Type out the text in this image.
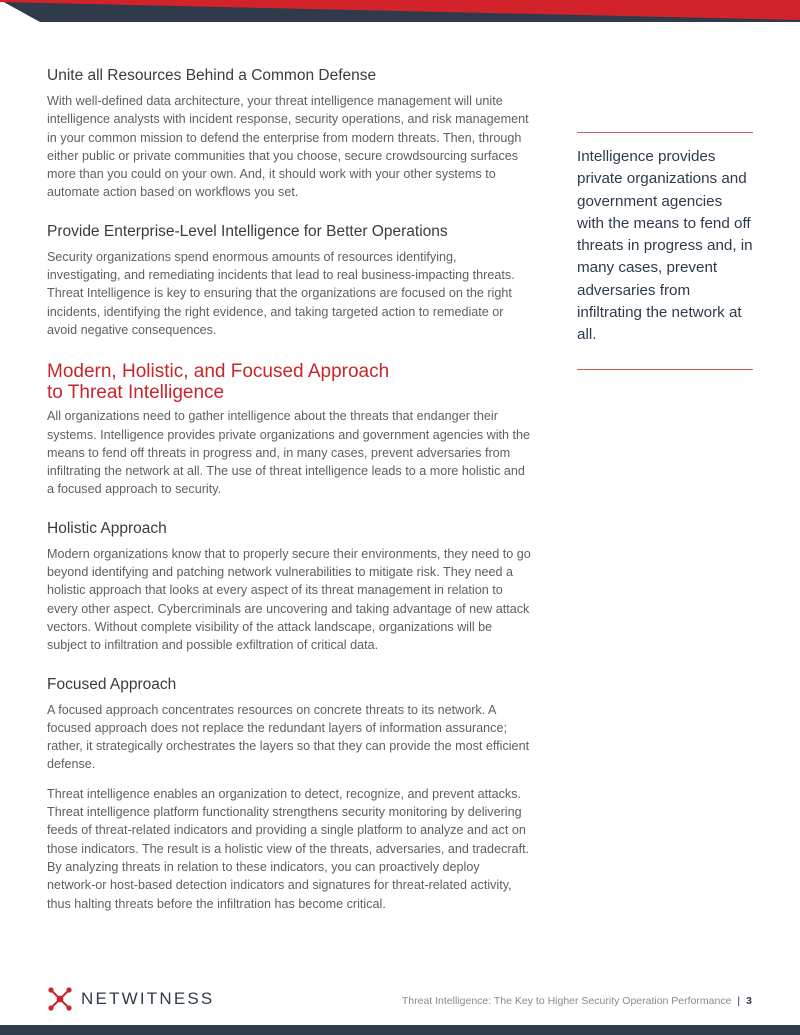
Unite all Resources Behind a Common Defense

With well-defined data architecture, your threat intelligence management will unite intelligence analysts with incident response, security operations, and risk management in your common mission to defend the enterprise from modern threats. Then, through either public or private communities that you choose, secure crowdsourcing surfaces more than you could on your own. And, it should work with your other systems to automate action based on workflows you set.

Provide Enterprise-Level Intelligence for Better Operations

Security organizations spend enormous amounts of resources identifying, investigating, and remediating incidents that lead to real business-impacting threats. Threat Intelligence is key to ensuring that the organizations are focused on the right incidents, identifying the right evidence, and taking targeted action to remediate or avoid negative consequences.

Modern, Holistic, and Focused Approach to Threat Intelligence

All organizations need to gather intelligence about the threats that endanger their systems. Intelligence provides private organizations and government agencies with the means to fend off threats in progress and, in many cases, prevent adversaries from infiltrating the network at all. The use of threat intelligence leads to a more holistic and a focused approach to security.

Holistic Approach

Modern organizations know that to properly secure their environments, they need to go beyond identifying and patching network vulnerabilities to mitigate risk. They need a holistic approach that looks at every aspect of its threat management in relation to every other aspect. Cybercriminals are uncovering and taking advantage of new attack vectors. Without complete visibility of the attack landscape, organizations will be subject to infiltration and possible exfiltration of critical data.

Focused Approach

A focused approach concentrates resources on concrete threats to its network. A focused approach does not replace the redundant layers of information assurance; rather, it strategically orchestrates the layers so that they can provide the most efficient defense.

Threat intelligence enables an organization to detect, recognize, and prevent attacks. Threat intelligence platform functionality strengthens security monitoring by delivering feeds of threat-related indicators and providing a single platform to analyze and act on those indicators. The result is a holistic view of the threats, adversaries, and tradecraft. By analyzing threats in relation to these indicators, you can proactively deploy network-or host-based detection indicators and signatures for threat-related activity, thus halting threats before the infiltration has become critical.

Intelligence provides private organizations and government agencies with the means to fend off threats in progress and, in many cases, prevent adversaries from infiltrating the network at all.
NETWITNESS	Threat Intelligence: The Key to Higher Security Operation Performance | 3
